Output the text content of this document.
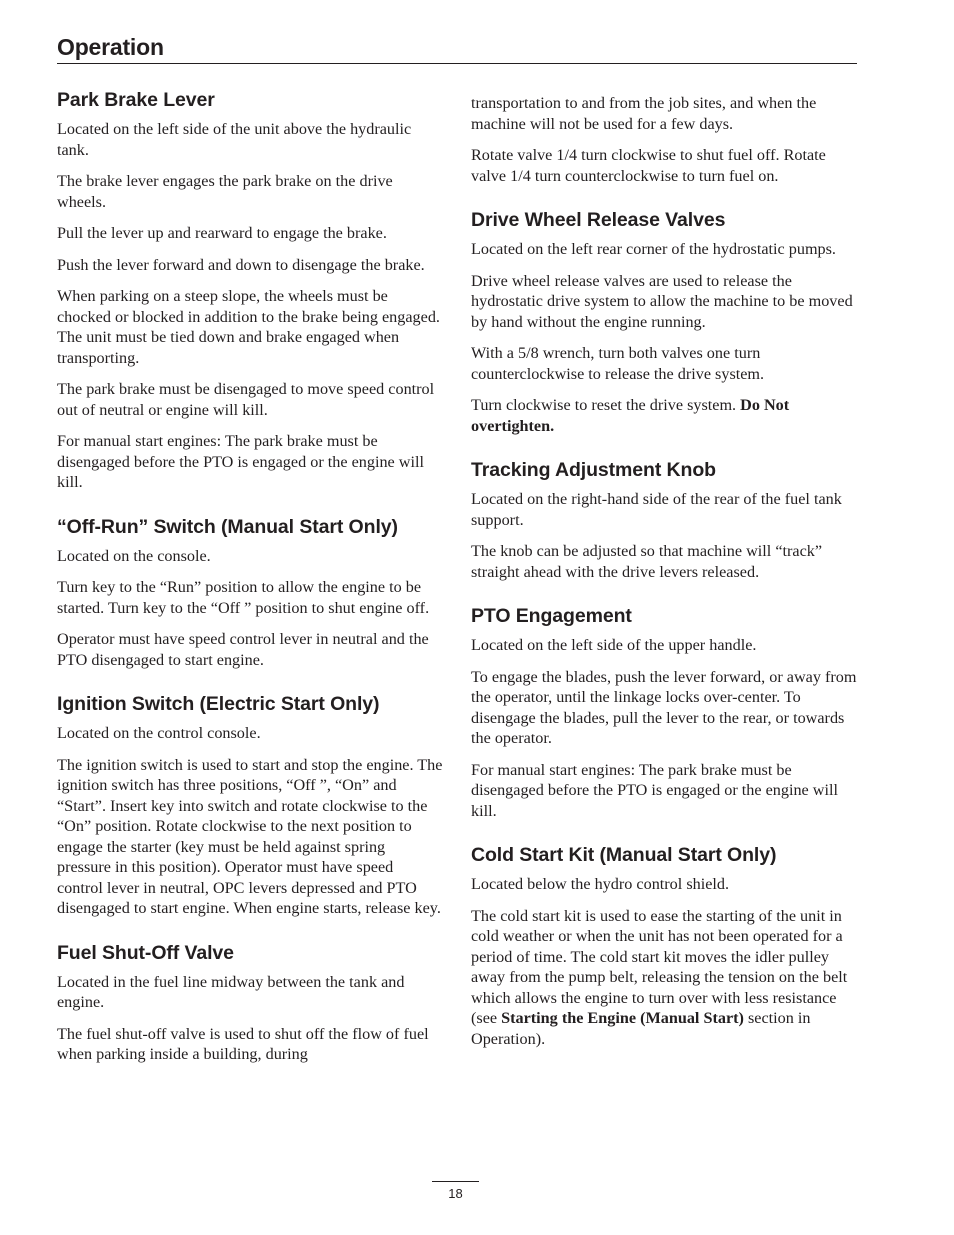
Operation
Park Brake Lever

Located on the left side of the unit above the hydraulic tank.

The brake lever engages the park brake on the drive wheels.

Pull the lever up and rearward to engage the brake.

Push the lever forward and down to disengage the brake.

When parking on a steep slope, the wheels must be chocked or blocked in addition to the brake being engaged. The unit must be tied down and brake engaged when transporting.

The park brake must be disengaged to move speed control out of neutral or engine will kill.

For manual start engines: The park brake must be disengaged before the PTO is engaged or the engine will kill.

“Off-Run” Switch (Manual Start Only)

Located on the console.

Turn key to the “Run” position to allow the engine to be started. Turn key to the “Off ” position to shut engine off.

Operator must have speed control lever in neutral and the PTO disengaged to start engine.

Ignition Switch (Electric Start Only)

Located on the control console.

The ignition switch is used to start and stop the engine. The ignition switch has three positions, “Off ”, “On” and “Start”. Insert key into switch and rotate clockwise to the “On” position. Rotate clockwise to the next position to engage the starter (key must be held against spring pressure in this position). Operator must have speed control lever in neutral, OPC levers depressed and PTO disengaged to start engine. When engine starts, release key.

Fuel Shut-Off Valve

Located in the fuel line midway between the tank and engine.

The fuel shut-off valve is used to shut off the flow of fuel when parking inside a building, during

transportation to and from the job sites, and when the machine will not be used for a few days.

Rotate valve 1/4 turn clockwise to shut fuel off. Rotate valve 1/4 turn counterclockwise to turn fuel on.

Drive Wheel Release Valves

Located on the left rear corner of the hydrostatic pumps.

Drive wheel release valves are used to release the hydrostatic drive system to allow the machine to be moved by hand without the engine running.

With a 5/8 wrench, turn both valves one turn counterclockwise to release the drive system.

Turn clockwise to reset the drive system. Do Not overtighten.

Tracking Adjustment Knob

Located on the right-hand side of the rear of the fuel tank support.

The knob can be adjusted so that machine will “track” straight ahead with the drive levers released.

PTO Engagement

Located on the left side of the upper handle.

To engage the blades, push the lever forward, or away from the operator, until the linkage locks over-center. To disengage the blades, pull the lever to the rear, or towards the operator.

For manual start engines: The park brake must be disengaged before the PTO is engaged or the engine will kill.

Cold Start Kit (Manual Start Only)

Located below the hydro control shield.

The cold start kit is used to ease the starting of the unit in cold weather or when the unit has not been operated for a period of time. The cold start kit moves the idler pulley away from the pump belt, releasing the tension on the belt which allows the engine to turn over with less resistance (see Starting the Engine (Manual Start) section in Operation).

18
